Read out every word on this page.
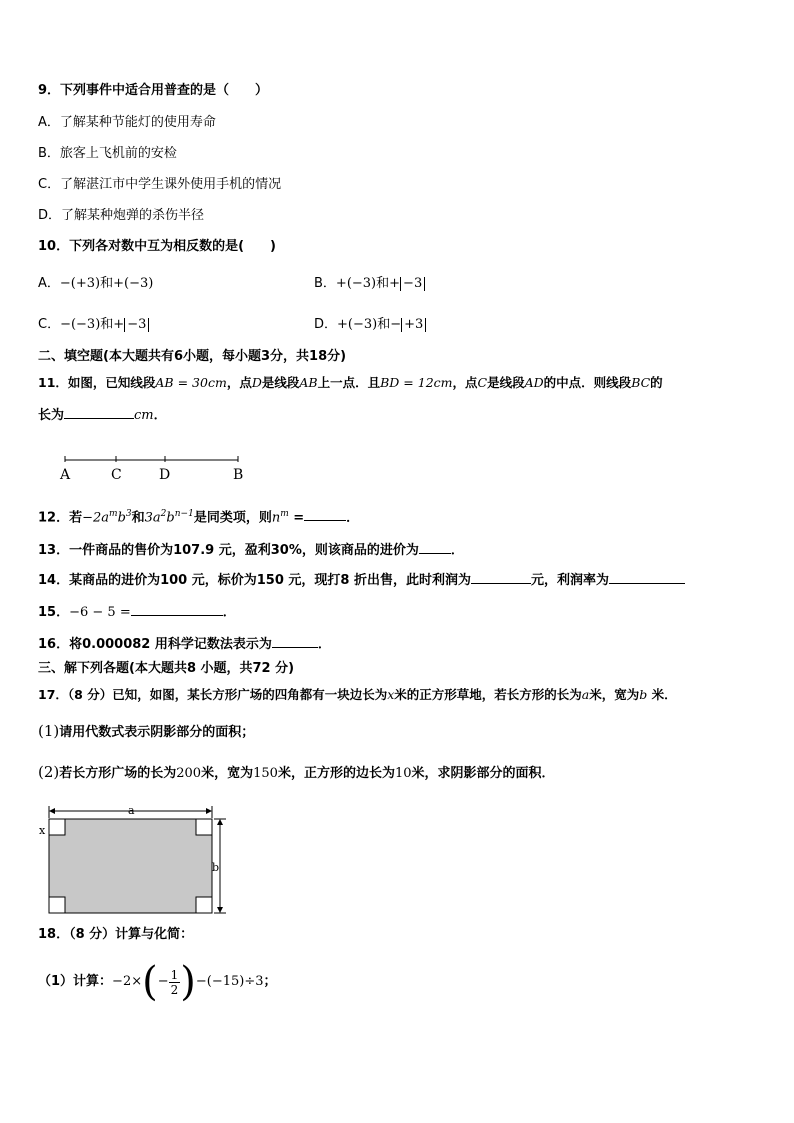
9．下列事件中适合用普查的是（　　）
A．了解某种节能灯的使用寿命
B．旅客上飞机前的安检
C．了解湛江市中学生课外使用手机的情况
D．了解某种炮弹的杀伤半径
10．下列各对数中互为相反数的是(　　)
A．−(+3)和+(−3)	B．+(−3)和+ −3
C．−(−3)和+ −3	D．+(−3)和− +3
二、填空题(本大题共有6小题，每小题3分，共18分)
11．如图，已知线段AB = 30cm，点D是线段AB上一点．且BD = 12cm，点C是线段AD的中点．则线段BC的
长为	cm．
A	C	D	B
12．若$-2a^mb^3$和$3a^2b^{n-1}$是同类项，则$n^m$ =	．
13．一件商品的售价为107.9 元，盈利30%，则该商品的进价为 ．
14．某商品的进价为100 元，标价为150 元，现打8 折出售，此时利润为	元，利润率为
15．−6 − 5 =	．
16．将0.000082 用科学记数法表示为	．
三、解下列各题(本大题共8 小题，共72 分)
17．（8 分）已知，如图，某长方形广场的四角都有一块边长为x米的正方形草地，若长方形的长为a米，宽为b 米．
(1)请用代数式表示阴影部分的面积；
(2)若长方形广场的长为200米，宽为150米，正方形的边长为10米，求阴影部分的面积．
a
x
b
18．（8 分）计算与化简：
（1）计算： −2× ( − $\frac{1}{2}$ ) − (−15)÷3 ；
